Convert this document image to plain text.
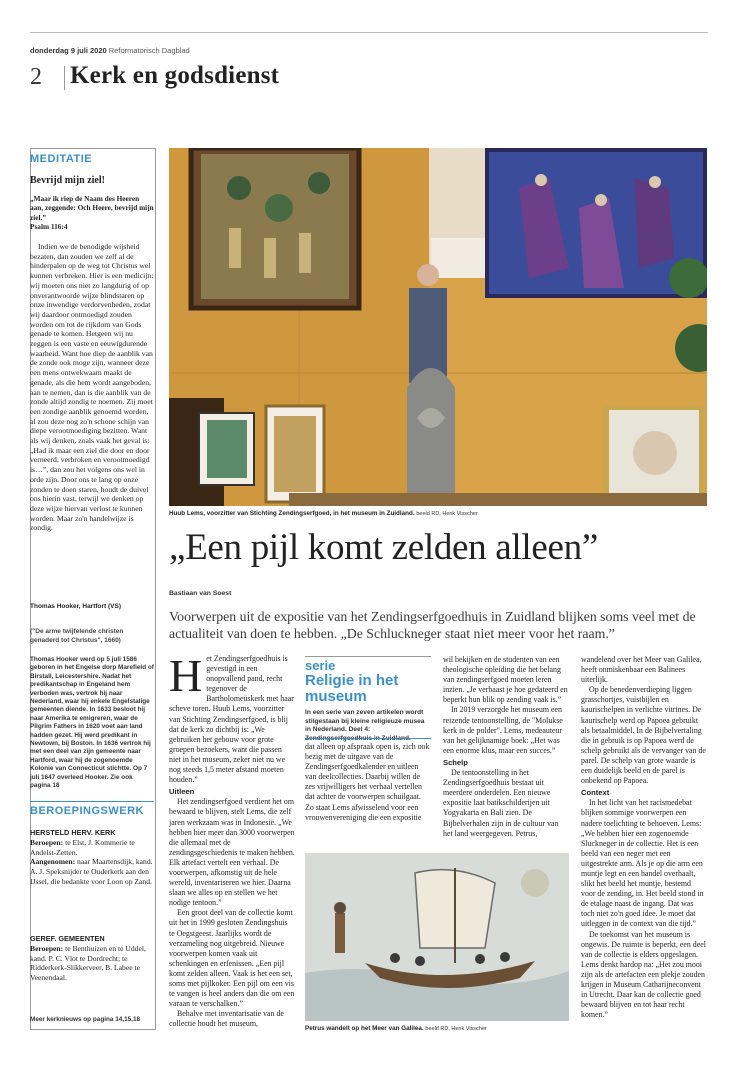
donderdag 9 juli 2020 Reformatorisch Dagblad
2 Kerk en godsdienst
MEDITATIE
Bevrijd mijn ziel!
„Maar ik riep de Naam des Heeren aan, zeggende: Och Heere, bevrijd mijn ziel.”
Psalm 116:4
Indien we de benodigde wijsheid bezaten, dan zouden we zelf al de hinderpalen op de weg tot Christus wel kunnen verbreken. Hier is een medicijn: wij moeten ons niet zo langdurig of op onverantwoorde wijze blindstaren op onze inwendige verdorvenheden, zodat wij daardoor ontmoedigd zouden worden om tot de rijkdom van Gods genade te komen. Hetgeen wij nu zeggen is een vaste en eeuwigdurende waarheid. Want hoe diep de aanblik van de zonde ook moge zijn, wanneer deze een mens ontwekwaam maakt de genade, als die hem wordt aangeboden, aan te nemen, dan is die aanblik van de zonde altijd zondig te noemen. Zij moet een zondige aanblik genoemd worden, al zou deze nog zo'n schone schijn van diepe verootmoediging bezitten. Want als wij denken, zoals vaak het geval is: „Had ik maar een ziel die door en door verneerd, verbroken en verootmoedigd is…”, dan zou het volgens ons wel in orde zijn. Door ons te lang op onze zonden te doen staren, houdt de duivel ons hierin vast, terwijl we denken op deze wijze hiervan verlost te kunnen worden. Maar zo'n handelwijze is zondig.
Thomas Hooker, Hartfort (VS)
("De arme twijfelende christen genaderd tot Christus", 1660)
Thomas Hooker werd op 5 juli 1586 geboren in het Engelse dorp Marefield of Birstall, Leicestershire. Nadat het predikantschap in Engeland hem verboden was, vertrok hij naar Nederland, waar hij enkele Engelstalige gemeenten diende. In 1633 besloot hij naar Amerika te emigreren, waar de Pilgrim Fathers in 1620 voet aan land hadden gezet. Hij werd predikant in Newtown, bij Boston. In 1636 vertrok hij met een deel van zijn gemeente naar Hartford, waar hij de zogenoemde Kolonie van Connecticut stichtte. Op 7 juli 1647 overleed Hooker. Zie ook pagina 18
BEROEPINGSWERK
HERSTELD HERV. KERK
Beroepen: te Elst, J. Kommerie te Andelst-Zetten.
Aangenomen: naar Maartensdijk, kand. A. J. Speksnijder te Ouderkerk aan den IJssel, die bedankte voor Loon op Zand.
GEREF. GEMEENTEN
Beroepen: te Benthuizen en te Uddel, kand. P. C. Vlot te Dordrecht; te Ridderkerk-Slikkerveer, B. Labee te Veenendaal.
Meer kerknieuws op pagina 14,15,18
Huub Lems, voorzitter van Stichting Zendingserfgoed, in het museum in Zuidland. beeld RD, Henk Visscher
„Een pijl komt zelden alleen”
Bastiaan van Soest
Voorwerpen uit de expositie van het Zendingserfgoedhuis in Zuidland blijken soms veel met de actualiteit van doen te hebben. „De Schluckneger staat niet meer voor het raam.”

Het Zendingserfgoedhuis is gevestigd in een onopvallend pand, recht tegenover de Bartholomeüskerk met haar scheve toren. Huub Lems, voorzitter van Stichting Zendingserfgoed, is blij dat de kerk zo dichtbij is: „We gebruiken het gebouw voor grote groepen bezoekers, want die passen niet in het museum, zeker niet nu we nog steeds 1,5 meter afstand moeten houden.”

Uitleen

Het zendingserfgoed verdient het om bewaard te blijven, stelt Lems, die zelf jaren werkzaam was in Indonesië. „We hebben hier meer dan 3000 voorwerpen die allemaal met de zendingsgeschiedenis te maken hebben. Elk artefact vertelt een verhaal. De voorwerpen, afkomstig uit de hele wereld, inventariseren we hier. Daarna slaan we alles op en stellen we het nodige tentoon.”

Een groot deel van de collectie komt uit het in 1999 gesloten Zendingshuis te Oegstgeest. Jaarlijks wordt de verzameling nog uitgebreid. Nieuwe voorwerpen komen vaak uit schenkingen en erfenissen. „Een pijl komt zelden alleen. Vaak is het een set, soms met pijlkoker. Een pijl om een vis te vangen is heel anders dan die om een varaan te verschalken.”

Behalve met inventarisatie van de collectie houdt het museum,

serie
Religie in het museum
In een serie van zeven artikelen wordt stilgestaan bij kleine religieuze musea in Nederland. Deel 4:

dat alleen op afspraak open is, zich ook bezig met de uitgave van de Zendingserfgoedkalender en uitleen van deelcollecties. Daarbij willen de zes vrijwilligers het verhaal vertellen dat achter de voorwerpen schuilgaat. Zo staat Lems afwisselend voor een vrouwenvereniging die een expositie

wil bekijken en de studenten van een theologische opleiding die het belang van zendingserfgoed moeten leren inzien. „Je verbaast je hoe gedateerd en beperkt hun blik op zending vaak is.”

In 2019 verzorgde het museum een reizende tentoonstelling, de "Molukse kerk in de polder". Lems, medeauteur van het gelijknamige boek: „Het was een enorme klus, maar een succes.”

Schelp

De tentoonstelling in het Zendingserfgoedhuis bestaat uit meerdere onderdelen. Een nieuwe expositie laat batikschilderijen uit Yogyakarta en Bali zien. De Bijbelverhalen zijn in de cultuur van het land weergegeven. Petrus,

Petrus wandelt op het Meer van Galilea. beeld RD, Henk Visscher

wandelend over het Meer van Galilea, heeft onmiskenbaar een Balinees uiterlijk.

Op de benedenverdieping liggen grasschortjes, vuistbijlen en kaurischelpen in verlichte vitrines. De kaurischelp werd op Papoea gebruikt als betaalmiddel. In de Bijbelvertaling die in gebruik is op Papoea werd de schelp gebruikt als de vervanger van de parel. De schelp van grote waarde is een duidelijk beeld en de parel is onbekend op Papoea.

Context

In het licht van het racismedebat blijken sommige voorwerpen een nadere toelichting te behoeven. Lems: „We hebben hier een zogenoemde Sluckneger in de collectie. Het is een beeld van een neger met een uitgestrekte arm. Als je op die arm een muntje legt en een handel overhaalt, slikt het beeld het muntje, bestemd voor de zending, in. Het beeld stond in de etalage naast de ingang. Dat was toch niet zo'n goed idee. Je moet dat uitleggen in de context van die tijd.”

De toekomst van het museum is ongewis. De ruimte is beperkt, een deel van de collectie is elders opgeslagen. Lems denkt hardop na: „Het zou mooi zijn als de artefacten een plekje zouden krijgen in Museum Catharijneconvent in Utrecht. Daar kan de collectie goed bewaard blijven en tot haar recht komen.”
